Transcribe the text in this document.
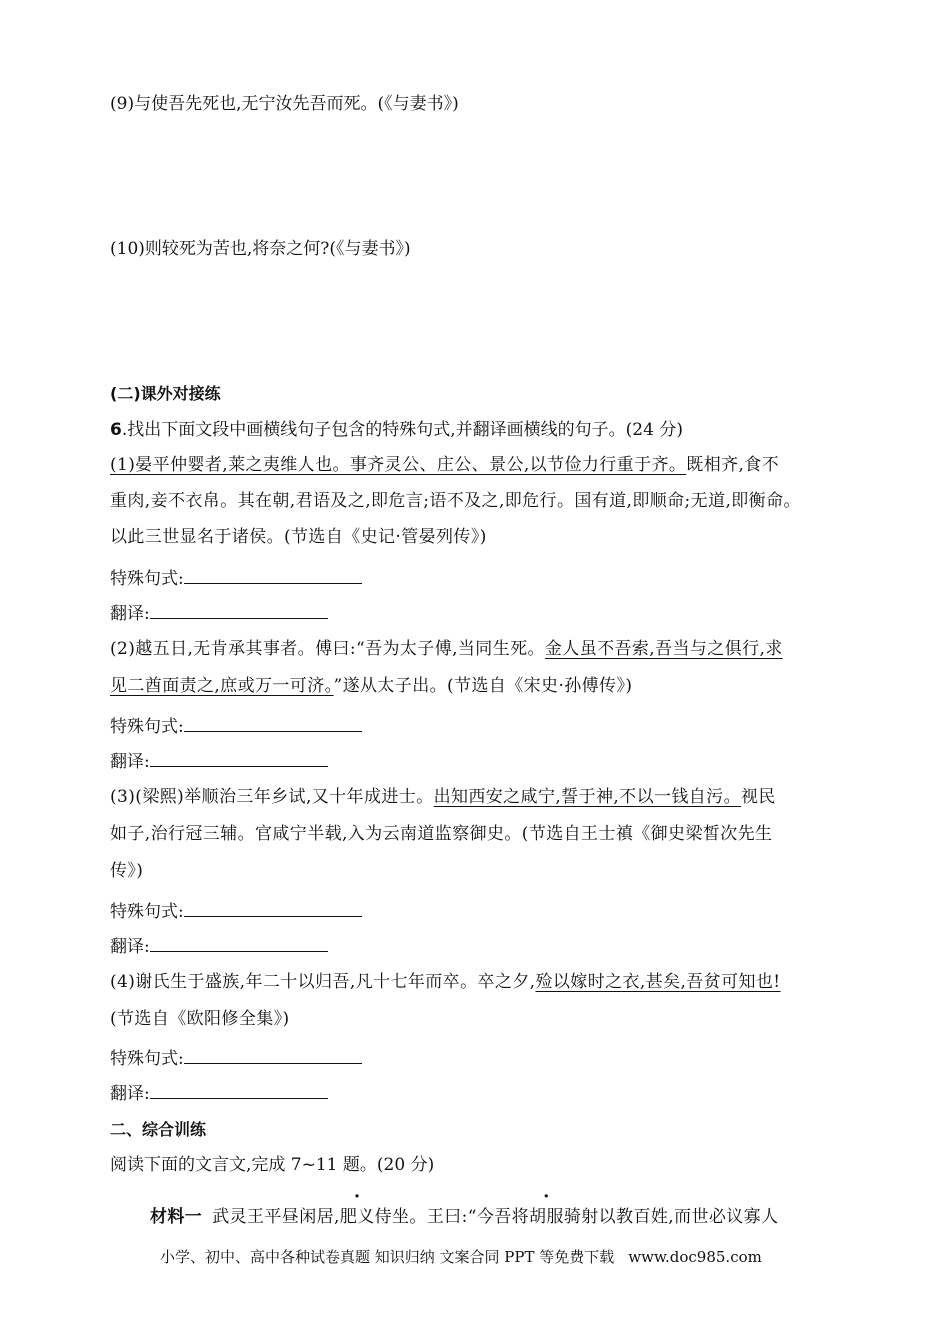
(9)与使吾先死也,无宁汝先吾而死。(《与妻书》)
(10)则较死为苦也,将奈之何?(《与妻书》)
(二)课外对接练
6.找出下面文段中画横线句子包含的特殊句式,并翻译画横线的句子。(24 分)
(1)晏平仲婴者,莱之夷维人也。事齐灵公、庄公、景公,以节俭力行重于齐。既相齐,食不
重肉,妾不衣帛。其在朝,君语及之,即危言;语不及之,即危行。国有道,即顺命;无道,即衡命。
以此三世显名于诸侯。(节选自《史记·管晏列传》)
特殊句式:
翻译:
(2)越五日,无肯承其事者。傅曰:“吾为太子傅,当同生死。金人虽不吾索,吾当与之俱行,求
见二酋面责之,庶或万一可济。”遂从太子出。(节选自《宋史·孙傅传》)
特殊句式:
翻译:
(3)(梁熙)举顺治三年乡试,又十年成进士。出知西安之咸宁,誓于神,不以一钱自污。视民
如子,治行冠三辅。官咸宁半载,入为云南道监察御史。(节选自王士禛《御史梁皙次先生
传》)
特殊句式:
翻译:
(4)谢氏生于盛族,年二十以归吾,凡十七年而卒。卒之夕,殓以嫁时之衣,甚矣,吾贫可知也!
(节选自《欧阳修全集》)
特殊句式:
翻译:
二、综合训练
阅读下面的文言文,完成 7~11 题。(20 分)
材料一 武灵王平昼闲居,肥义侍坐。王曰:“今吾将胡服骑射以教百姓,而世必议寡人
小学、初中、高中各种试卷真题 知识归纳 文案合同 PPT 等免费下载 www.doc985.com
